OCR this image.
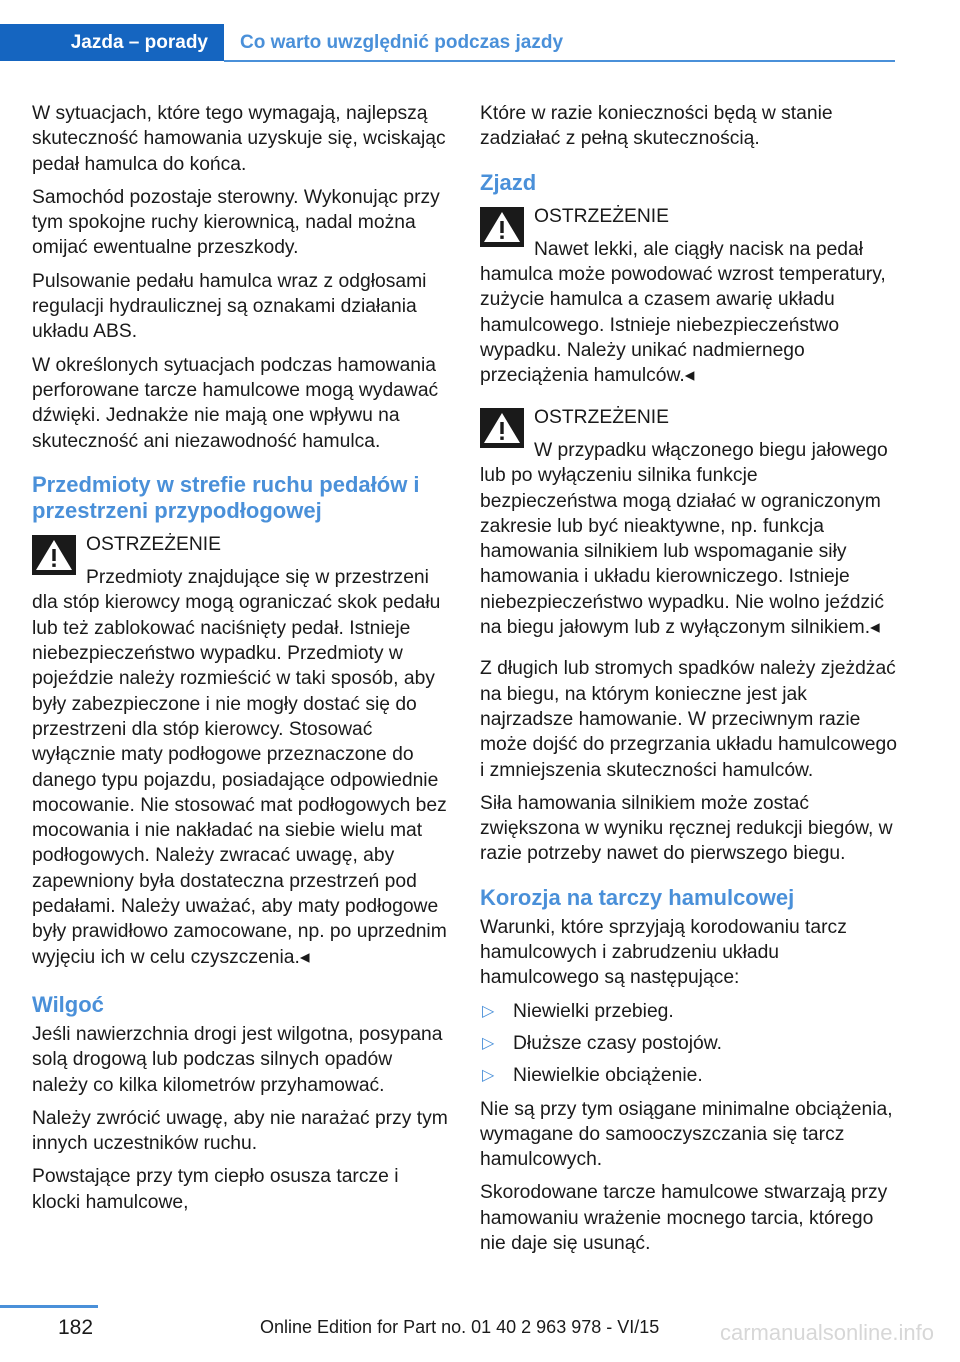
Jazda – porady	Co warto uwzględnić podczas jazdy

W sytuacjach, które tego wymagają, najlepszą skuteczność hamowania uzyskuje się, wciskając pedał hamulca do końca.

Samochód pozostaje sterowny. Wykonując przy tym spokojne ruchy kierownicą, nadal można omijać ewentualne przeszkody.

Pulsowanie pedału hamulca wraz z odgłosami regulacji hydraulicznej są oznakami działania układu ABS.

W określonych sytuacjach podczas hamowania perforowane tarcze hamulcowe mogą wydawać dźwięki. Jednakże nie mają one wpływu na skuteczność ani niezawodność hamulca.

Przedmioty w strefie ruchu pedałów i przestrzeni przypodłogowej

OSTRZEŻENIE

Przedmioty znajdujące się w przestrzeni dla stóp kierowcy mogą ograniczać skok pedału lub też zablokować naciśnięty pedał. Istnieje niebezpieczeństwo wypadku. Przedmioty w pojeździe należy rozmieścić w taki sposób, aby były zabezpieczone i nie mogły dostać się do przestrzeni dla stóp kierowcy. Stosować wyłącznie maty podłogowe przeznaczone do danego typu pojazdu, posiadające odpowiednie mocowanie. Nie stosować mat podłogowych bez mocowania i nie nakładać na siebie wielu mat podłogowych. Należy zwracać uwagę, aby zapewniony była dostateczna przestrzeń pod pedałami. Należy uważać, aby maty podłogowe były prawidłowo zamocowane, np. po uprzednim wyjęciu ich w celu czyszczenia.◂

Wilgoć

Jeśli nawierzchnia drogi jest wilgotna, posypana solą drogową lub podczas silnych opadów należy co kilka kilometrów przyhamować.

Należy zwrócić uwagę, aby nie narażać przy tym innych uczestników ruchu.

Powstające przy tym ciepło osusza tarcze i klocki hamulcowe,

Które w razie konieczności będą w stanie zadziałać z pełną skutecznością.

Zjazd

OSTRZEŻENIE

Nawet lekki, ale ciągły nacisk na pedał hamulca może powodować wzrost temperatury, zużycie hamulca a czasem awarię układu hamulcowego. Istnieje niebezpieczeństwo wypadku. Należy unikać nadmiernego przeciążenia hamulców.◂

OSTRZEŻENIE

W przypadku włączonego biegu jałowego lub po wyłączeniu silnika funkcje bezpieczeństwa mogą działać w ograniczonym zakresie lub być nieaktywne, np. funkcja hamowania silnikiem lub wspomaganie siły hamowania i układu kierowniczego. Istnieje niebezpieczeństwo wypadku. Nie wolno jeździć na biegu jałowym lub z wyłączonym silnikiem.◂

Z długich lub stromych spadków należy zjeżdżać na biegu, na którym konieczne jest jak najrzadsze hamowanie. W przeciwnym razie może dojść do przegrzania układu hamulcowego i zmniejszenia skuteczności hamulców.

Siła hamowania silnikiem może zostać zwiększona w wyniku ręcznej redukcji biegów, w razie potrzeby nawet do pierwszego biegu.

Korozja na tarczy hamulcowej

Warunki, które sprzyjają korodowaniu tarcz hamulcowych i zabrudzeniu układu hamulcowego są następujące:

▷ Niewielki przebieg.
▷ Dłuższe czasy postojów.
▷ Niewielkie obciążenie.

Nie są przy tym osiągane minimalne obciążenia, wymagane do samooczyszczania się tarcz hamulcowych.

Skorodowane tarcze hamulcowe stwarzają przy hamowaniu wrażenie mocnego tarcia, którego nie daje się usunąć.

182	Online Edition for Part no. 01 40 2 963 978 - VI/15	carmanualsonline.info
